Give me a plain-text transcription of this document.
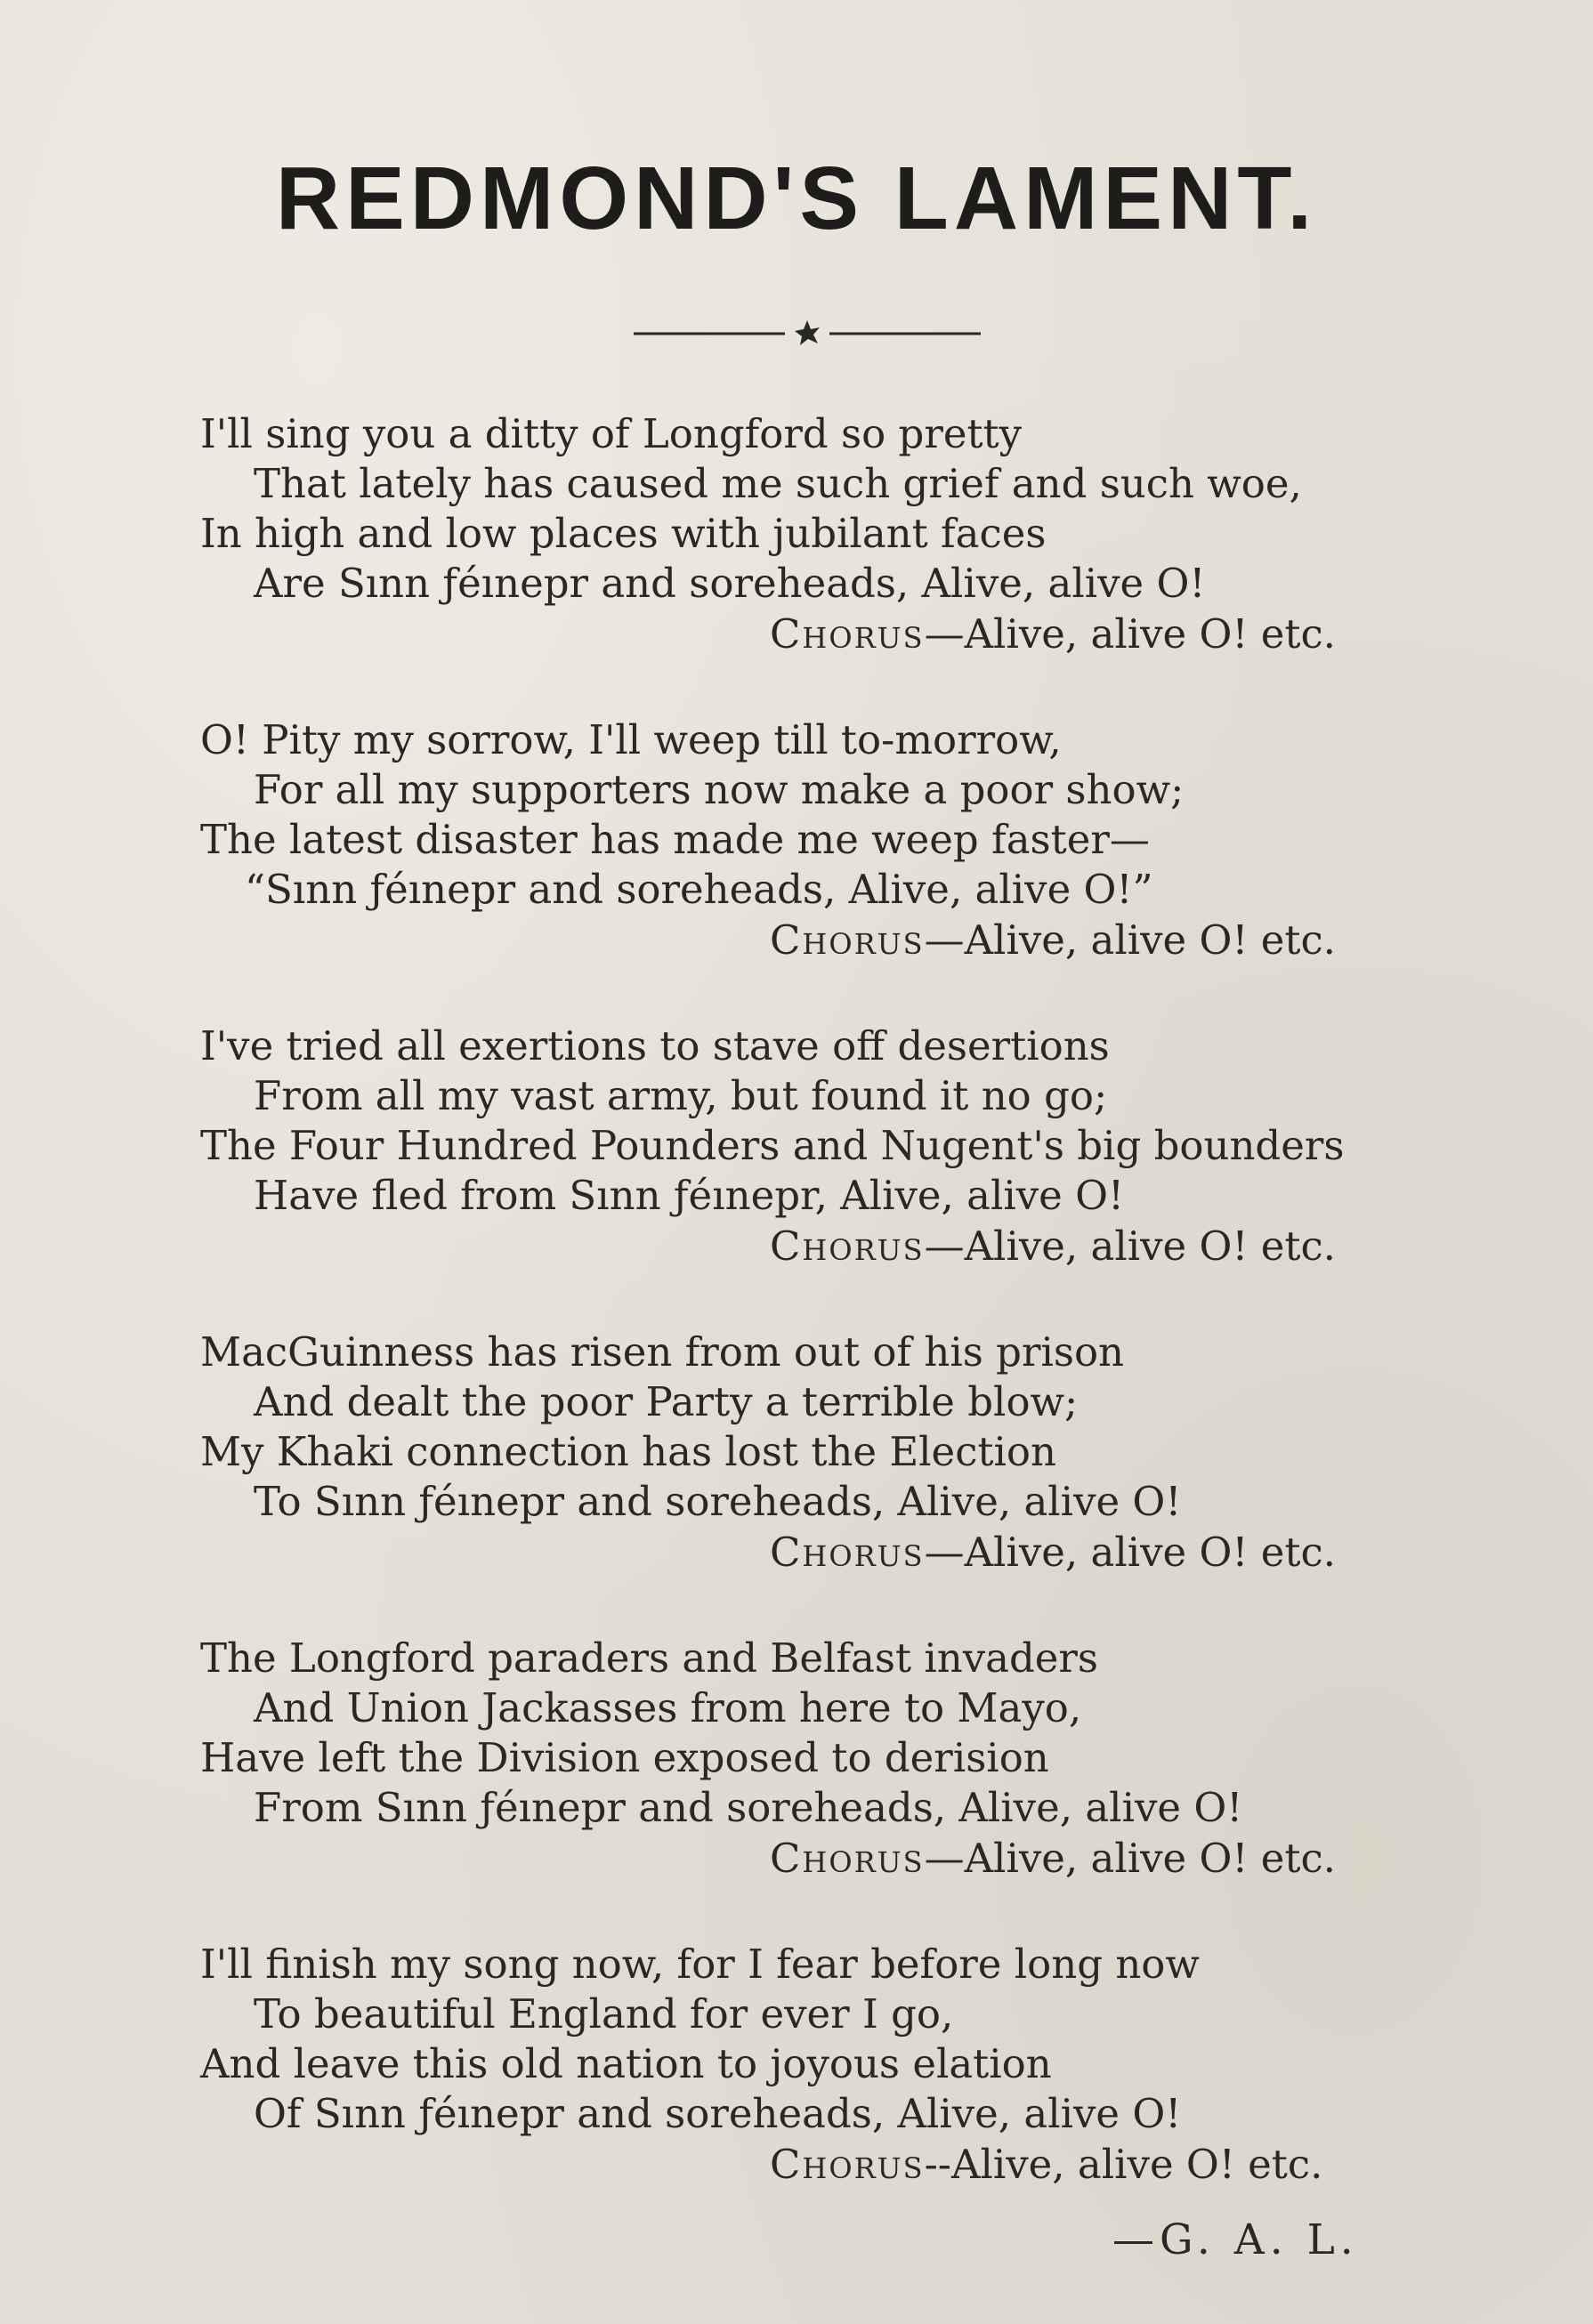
REDMOND'S LAMENT.
I'll sing you a ditty of Longford so pretty
That lately has caused me such grief and such woe,
In high and low places with jubilant faces
Are Sınn ƒéınepr and soreheads, Alive, alive O!
Chorus—Alive, alive O! etc.
O! Pity my sorrow, I'll weep till to-morrow,
For all my supporters now make a poor show;
The latest disaster has made me weep faster—
“Sınn ƒéınepr and soreheads, Alive, alive O!”
Chorus—Alive, alive O! etc.
I've tried all exertions to stave off desertions
From all my vast army, but found it no go;
The Four Hundred Pounders and Nugent's big bounders
Have fled from Sınn ƒéınepr, Alive, alive O!
Chorus—Alive, alive O! etc.
MacGuinness has risen from out of his prison
And dealt the poor Party a terrible blow;
My Khaki connection has lost the Election
To Sınn ƒéınepr and soreheads, Alive, alive O!
Chorus—Alive, alive O! etc.
The Longford paraders and Belfast invaders
And Union Jackasses from here to Mayo,
Have left the Division exposed to derision
From Sınn ƒéınepr and soreheads, Alive, alive O!
Chorus—Alive, alive O! etc.
I'll finish my song now, for I fear before long now
To beautiful England for ever I go,
And leave this old nation to joyous elation
Of Sınn ƒéınepr and soreheads, Alive, alive O!
Chorus--Alive, alive O! etc.
—G. A. L.
